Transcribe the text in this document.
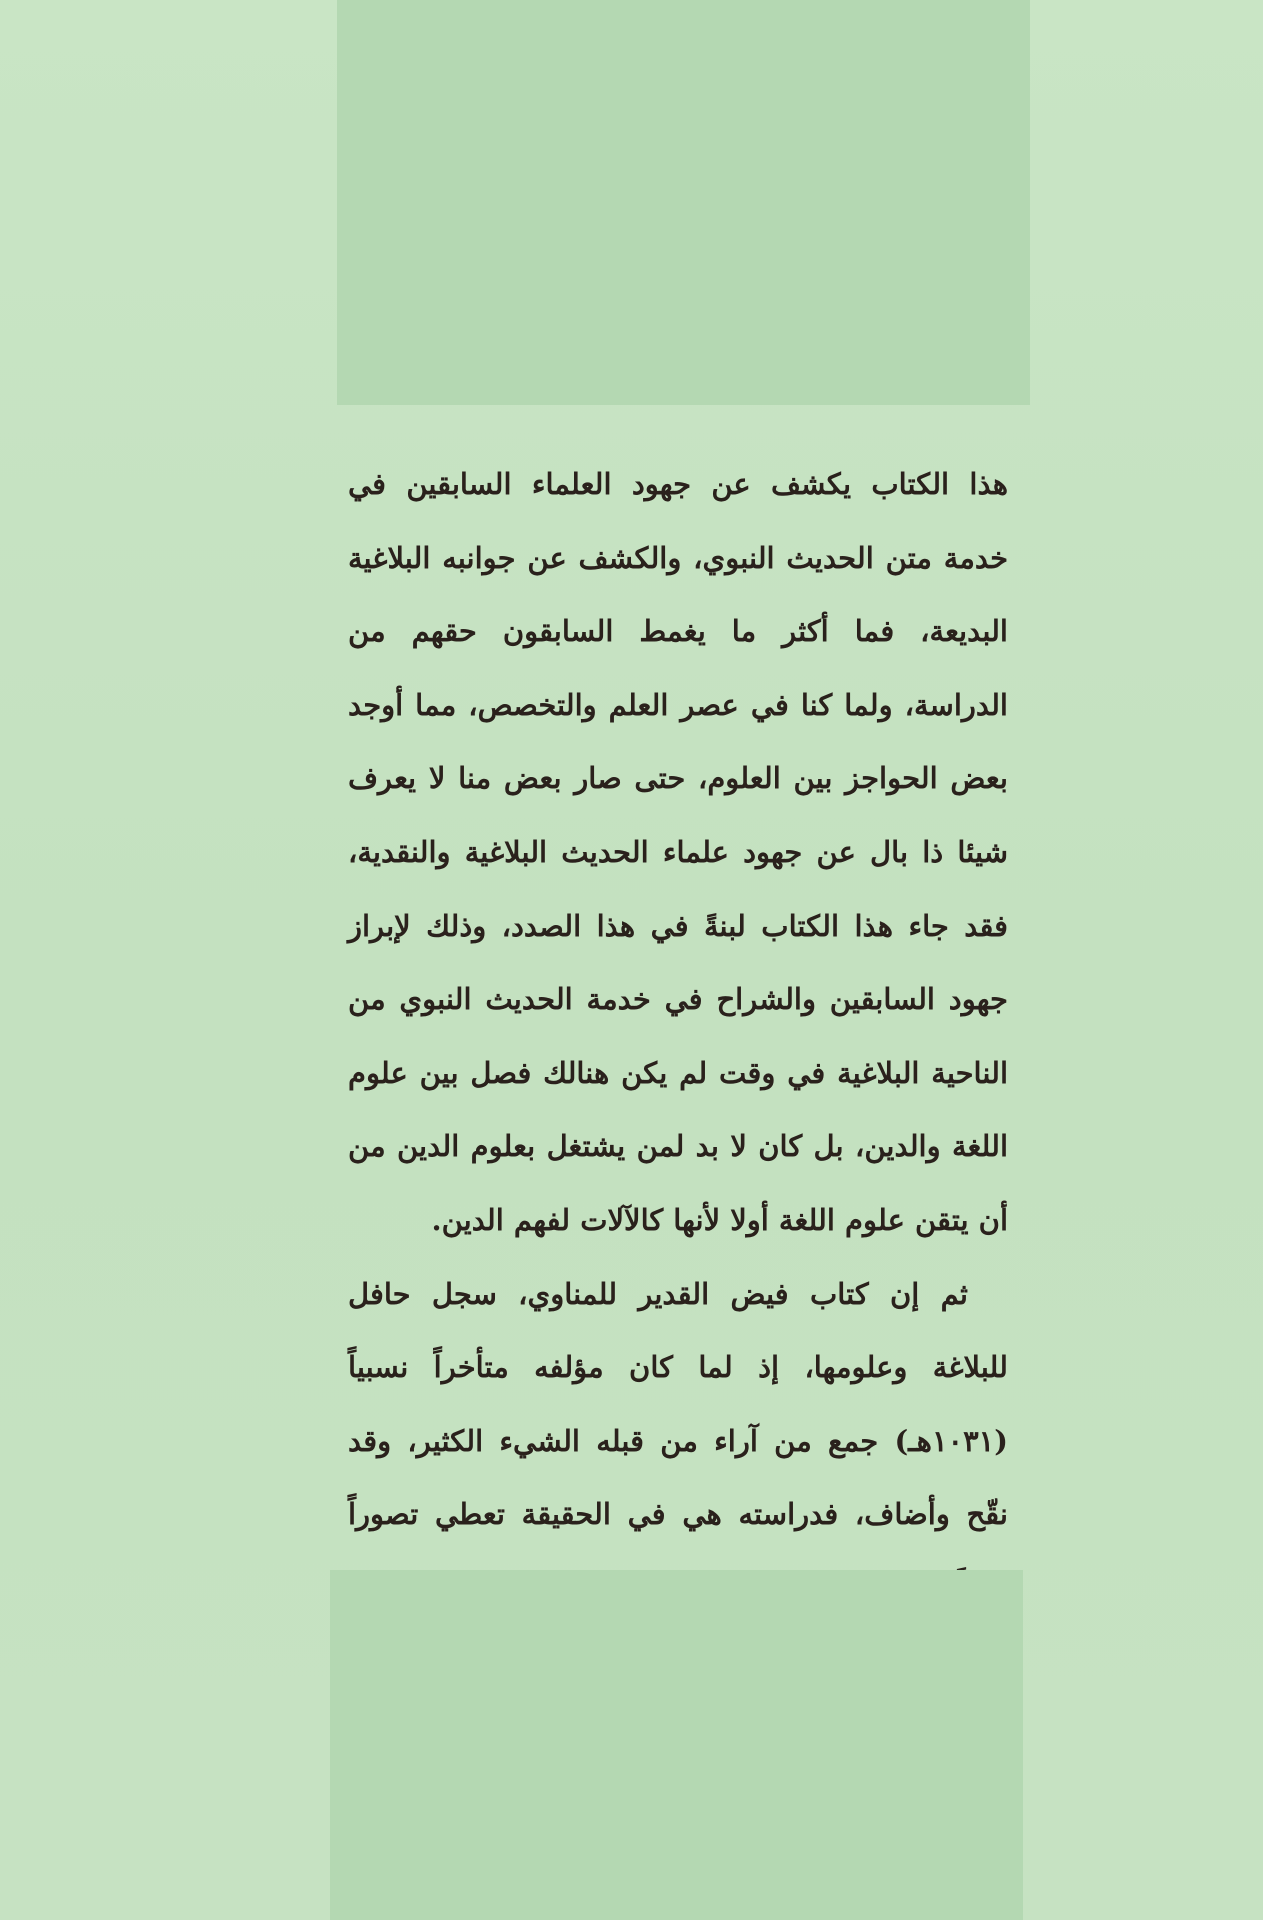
هذا الكتاب يكشف عن جهود العلماء السابقين في خدمة متن الحديث النبوي، والكشف عن جوانبه البلاغية البديعة، فما أكثر ما يغمط السابقون حقهم من الدراسة، ولما كنا في عصر العلم والتخصص، مما أوجد بعض الحواجز بين العلوم، حتى صار بعض منا لا يعرف شيئا ذا بال عن جهود علماء الحديث البلاغية والنقدية، فقد جاء هذا الكتاب لبنةً في هذا الصدد، وذلك لإبراز جهود السابقين والشراح في خدمة الحديث النبوي من الناحية البلاغية في وقت لم يكن هنالك فصل بين علوم اللغة والدين، بل كان لا بد لمن يشتغل بعلوم الدين من أن يتقن علوم اللغة أولا لأنها كالآلات لفهم الدين.

ثم إن كتاب فيض القدير للمناوي، سجل حافل للبلاغة وعلومها، إذ لما كان مؤلفه متأخراً نسبياً (١٠٣١هـ) جمع من آراء من قبله الشيء الكثير، وقد نقّح وأضاف، فدراسته هي في الحقيقة تعطي تصوراً
